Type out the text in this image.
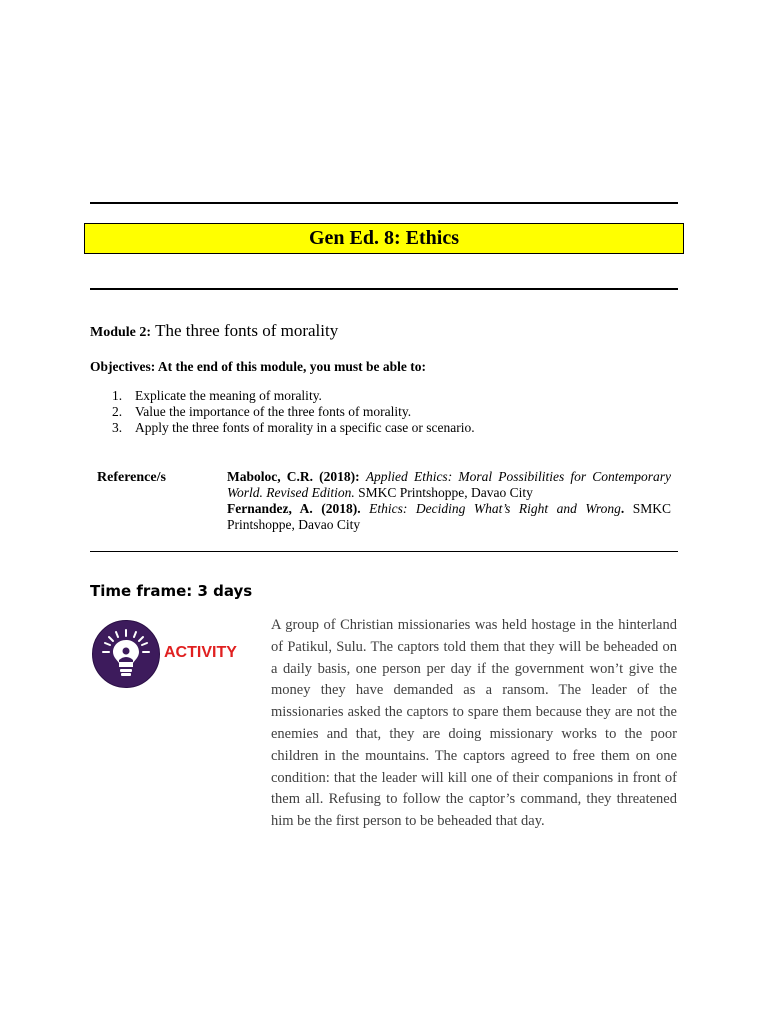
Gen Ed. 8: Ethics
Module 2: The three fonts of morality
Objectives: At the end of this module, you must be able to:
1. Explicate the meaning of morality.
2. Value the importance of the three fonts of morality.
3. Apply the three fonts of morality in a specific case or scenario.
Reference/s	Maboloc, C.R. (2018): Applied Ethics: Moral Possibilities for Contemporary World. Revised Edition. SMKC Printshoppe, Davao City
Fernandez, A. (2018). Ethics: Deciding What’s Right and Wrong. SMKC Printshoppe, Davao City
Time frame: 3 days
ACTIVITY
A group of Christian missionaries was held hostage in the hinterland of Patikul, Sulu. The captors told them that they will be beheaded on a daily basis, one person per day if the government won’t give the money they have demanded as a ransom. The leader of the missionaries asked the captors to spare them because they are not the enemies and that, they are doing missionary works to the poor children in the mountains. The captors agreed to free them on one condition: that the leader will kill one of their companions in front of them all. Refusing to follow the captor’s command, they threatened him be the first person to be beheaded that day.
